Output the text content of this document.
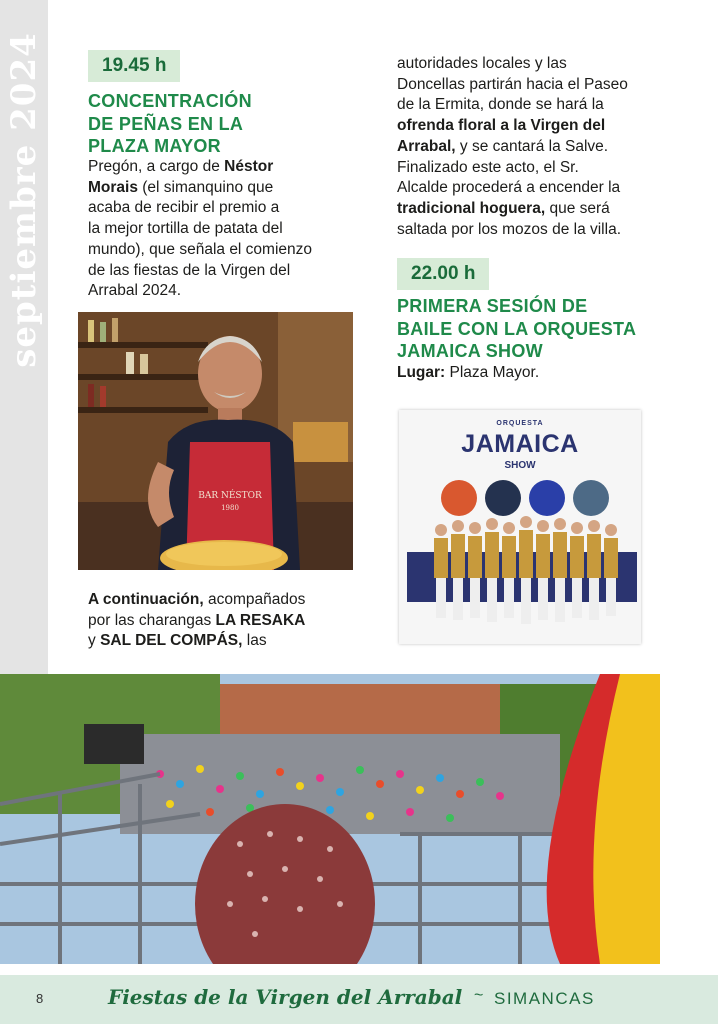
septiembre 2024	19.45 h
CONCENTRACIÓN
DE PEÑAS EN LA
PLAZA MAYOR
Pregón, a cargo de Néstor
Morais (el simanquino que
acaba de recibir el premio a
la mejor tortilla de patata del
mundo), que señala el comienzo
de las fiestas de la Virgen del
Arrabal 2024.
BAR NÉSTOR
1980
A continuación, acompañados
por las charangas LA RESAKA
y SAL DEL COMPÁS, las
autoridades locales y las
Doncellas partirán hacia el Paseo
de la Ermita, donde se hará la
ofrenda floral a la Virgen del
Arrabal, y se cantará la Salve.
Finalizado este acto, el Sr.
Alcalde procederá a encender la
tradicional hoguera, que será
saltada por los mozos de la villa.
22.00 h
PRIMERA SESIÓN DE
BAILE CON LA ORQUESTA
JAMAICA SHOW
Lugar: Plaza Mayor.
ORQUESTA
JAMAICA
SHOW
8	Fiestas de la Virgen del Arrabal ~ SIMANCAS
